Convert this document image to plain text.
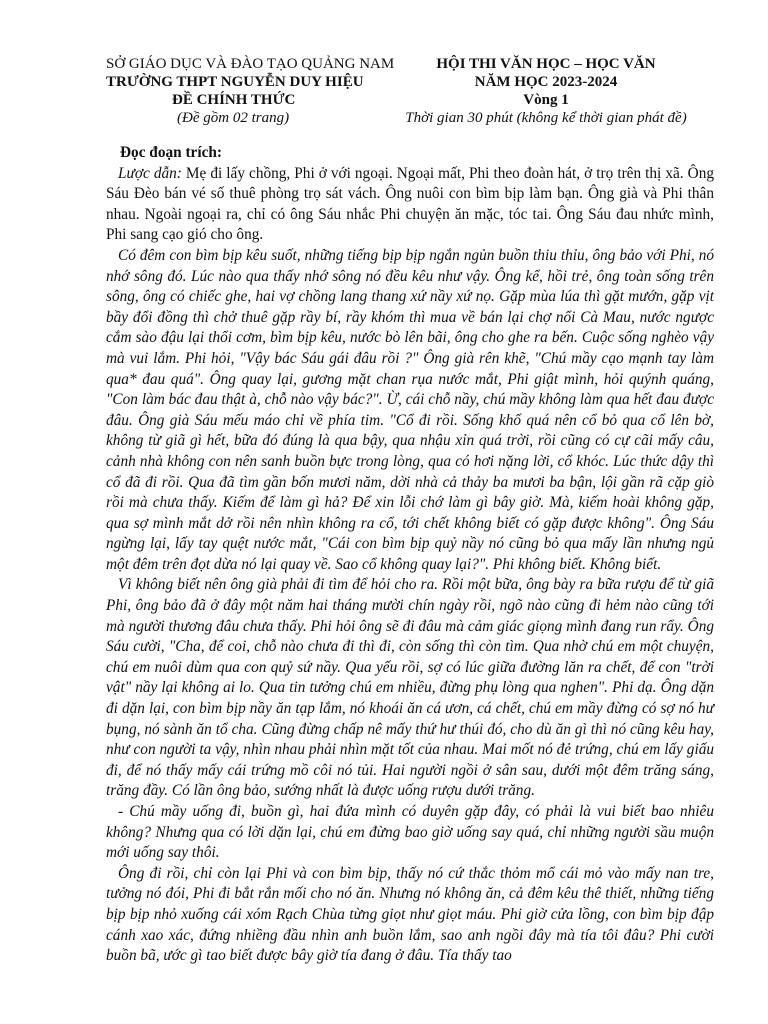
SỞ GIÁO DỤC VÀ ĐÀO TẠO QUẢNG NAM
TRƯỜNG THPT NGUYỄN DUY HIỆU
ĐỀ CHÍNH THỨC
(Đề gồm 02 trang)
HỘI THI VĂN HỌC – HỌC VĂN
NĂM HỌC 2023-2024
Vòng 1
Thời gian 30 phút (không kể thời gian phát đề)

Đọc đoạn trích:

Lược dẫn: Mẹ đi lấy chồng, Phi ở với ngoại. Ngoại mất, Phi theo đoàn hát, ở trọ trên thị xã. Ông Sáu Đèo bán vé số thuê phòng trọ sát vách. Ông nuôi con bìm bịp làm bạn. Ông già và Phi thân nhau. Ngoài ngoại ra, chỉ có ông Sáu nhắc Phi chuyện ăn mặc, tóc tai. Ông Sáu đau nhức mình, Phi sang cạo gió cho ông.

Có đêm con bìm bịp kêu suốt, những tiếng bịp bịp ngắn ngủn buồn thiu thỉu, ông bảo với Phi, nó nhớ sông đó. Lúc nào qua thấy nhớ sông nó đều kêu như vậy. Ông kể, hồi trẻ, ông toàn sống trên sông, ông có chiếc ghe, hai vợ chồng lang thang xứ nầy xứ nọ. Gặp mùa lúa thì gặt mướn, gặp vịt bầy đổi đồng thì chở thuê gặp rầy bí, rầy khóm thì mua về bán lại chợ nổi Cà Mau, nước ngược cắm sào đậu lại thổi cơm, bìm bịp kêu, nước bò lên bãi, ông cho ghe ra bến. Cuộc sống nghèo vậy mà vui lắm. Phi hỏi, "Vậy bác Sáu gái đâu rồi ?" Ông già rên khẽ, "Chú mầy cạo mạnh tay làm qua* đau quá". Ông quay lại, gương mặt chan rụa nước mắt, Phi giật mình, hỏi quýnh quáng, "Con làm bác đau thật à, chỗ nào vậy bác?". Ừ, cái chỗ nầy, chú mầy không làm qua hết đau được đâu. Ông già Sáu mếu máo chỉ về phía tim. "Cổ đi rồi. Sống khổ quá nên cổ bỏ qua cổ lên bờ, không từ giã gì hết, bữa đó đúng là qua bậy, qua nhậu xỉn quá trời, rồi cũng có cự cãi mấy câu, cảnh nhà không con nên sanh buồn bực trong lòng, qua có hơi nặng lời, cổ khóc. Lúc thức dậy thì cổ đã đi rồi. Qua đã tìm gần bốn mươi năm, dời nhà cả thảy ba mươi ba bận, lội gần rã cặp giò rồi mà chưa thấy. Kiếm để làm gì hả? Để xin lỗi chớ làm gì bây giờ. Mà, kiếm hoài không gặp, qua sợ mình mắt dở rồi nên nhìn không ra cổ, tới chết không biết có gặp được không". Ông Sáu ngừng lại, lấy tay quệt nước mắt, "Cái con bìm bịp quỷ nầy nó cũng bỏ qua mấy lần nhưng ngủ một đêm trên đọt dừa nó lại quay về. Sao cổ không quay lại?". Phi không biết. Không biết.

Vì không biết nên ông già phải đi tìm để hỏi cho ra. Rồi một bữa, ông bày ra bữa rượu để từ giã Phi, ông bảo đã ở đây một năm hai tháng mười chín ngày rồi, ngõ nào cũng đi hẻm nào cũng tới mà người thương đâu chưa thấy. Phi hỏi ông sẽ đi đâu mà cảm giác giọng mình đang run rẩy. Ông Sáu cười, "Cha, để coi, chỗ nào chưa đi thì đi, còn sống thì còn tìm. Qua nhờ chú em một chuyện, chú em nuôi dùm qua con quỷ sứ nầy. Qua yếu rồi, sợ có lúc giữa đường lăn ra chết, để con "trời vật" nầy lại không ai lo. Qua tin tưởng chú em nhiều, đừng phụ lòng qua nghen". Phi dạ. Ông dặn đi dặn lại, con bìm bịp nầy ăn tạp lắm, nó khoái ăn cá ươn, cá chết, chú em mầy đừng có sợ nó hư bụng, nó sành ăn tổ cha. Cũng đừng chấp nê mấy thứ hư thúi đó, cho dù ăn gì thì nó cũng kêu hay, như con người ta vậy, nhìn nhau phải nhìn mặt tốt của nhau. Mai mốt nó đẻ trứng, chú em lấy giấu đi, để nó thấy mấy cái trứng mồ côi nó tủi. Hai người ngồi ở sân sau, dưới một đêm trăng sáng, trăng đầy. Có lần ông bảo, sướng nhất là được uống rượu dưới trăng.

- Chú mầy uống đi, buồn gì, hai đứa mình có duyên gặp đây, có phải là vui biết bao nhiêu không? Nhưng qua có lời dặn lại, chú em đừng bao giờ uống say quá, chỉ những người sầu muộn mới uống say thôi.

Ông đi rồi, chỉ còn lại Phi và con bìm bịp, thấy nó cứ thắc thỏm mổ cái mỏ vào mấy nan tre, tưởng nó đói, Phi đi bắt rắn mối cho nó ăn. Nhưng nó không ăn, cả đêm kêu thê thiết, những tiếng bịp bịp nhỏ xuống cái xóm Rạch Chùa từng giọt như giọt máu. Phi giờ cửa lồng, con bìm bịp đập cánh xao xác, đứng nhiềng đầu nhìn anh buồn lắm, sao anh ngồi đây mà tía tôi đâu? Phi cười buồn bã, ước gì tao biết được bây giờ tía đang ở đâu. Tía thấy tao
